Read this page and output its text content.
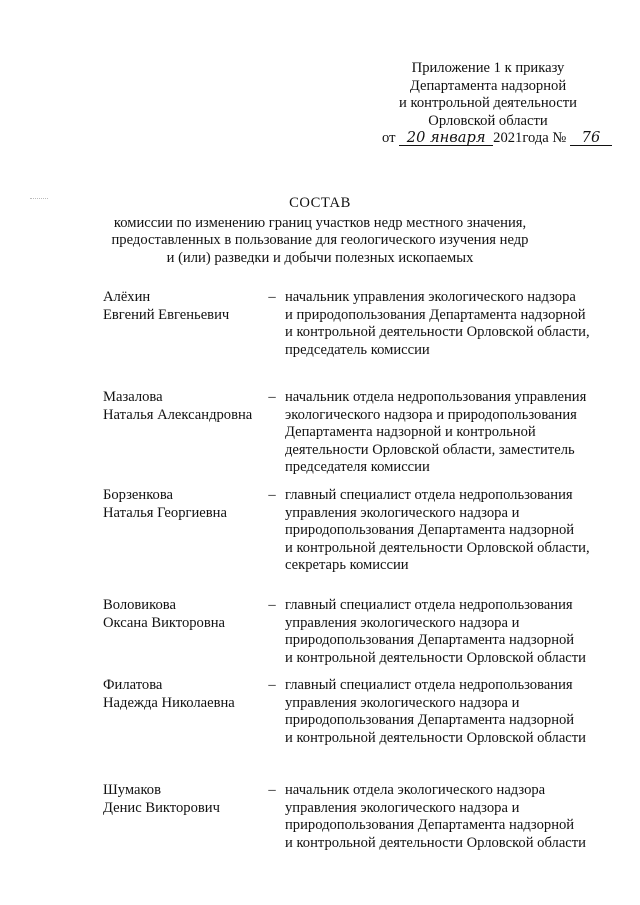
Приложение 1 к приказу
Департамента надзорной
и контрольной деятельности
Орловской области
от 20 января 2021года № 76
СОСТАВ
комиссии по изменению границ участков недр местного значения,
предоставленных в пользование для геологического изучения недр
и (или) разведки и добычи полезных ископаемых
Алёхин
Евгений Евгеньевич
– начальник управления экологического надзора
и природопользования Департамента надзорной
и контрольной деятельности Орловской области,
председатель комиссии
Мазалова
Наталья Александровна
– начальник отдела недропользования управления
экологического надзора и природопользования
Департамента надзорной и контрольной
деятельности Орловской области, заместитель
председателя комиссии
Борзенкова
Наталья Георгиевна
– главный специалист отдела недропользования
управления экологического надзора и
природопользования Департамента надзорной
и контрольной деятельности Орловской области,
секретарь комиссии
Воловикова
Оксана Викторовна
– главный специалист отдела недропользования
управления экологического надзора и
природопользования Департамента надзорной
и контрольной деятельности Орловской области
Филатова
Надежда Николаевна
– главный специалист отдела недропользования
управления экологического надзора и
природопользования Департамента надзорной
и контрольной деятельности Орловской области
Шумаков
Денис Викторович
– начальник отдела экологического надзора
управления экологического надзора и
природопользования Департамента надзорной
и контрольной деятельности Орловской области
